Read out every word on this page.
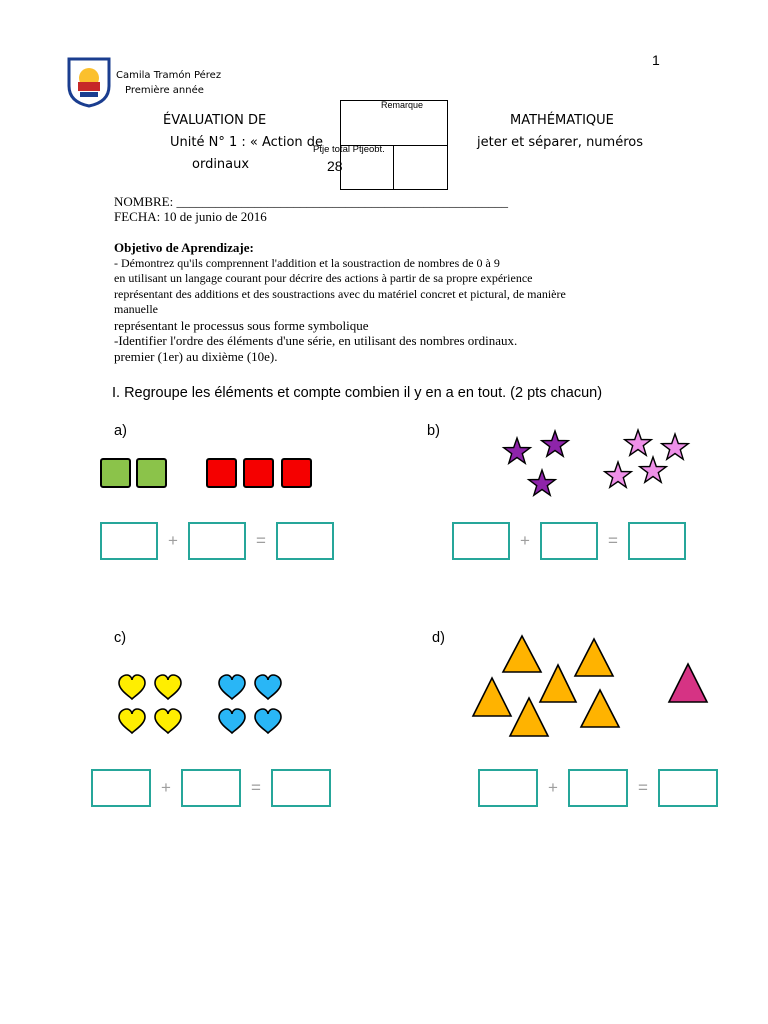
1
Camila Tramón Pérez
Première année
ÉVALUATION DE	MATHÉMATIQUE
Unité N° 1 : « Action de	jeter et séparer, numéros
ordinaux
Remarque
Ptje total Ptjeobt.
28
NOMBRE: ___________________________________________________
FECHA: 10 de junio de 2016
Objetivo de Aprendizaje:
- Démontrez qu'ils comprennent l'addition et la soustraction de nombres de 0 à 9
en utilisant un langage courant pour décrire des actions à partir de sa propre expérience
représentant des additions et des soustractions avec du matériel concret et pictural, de manière manuelle
représentant le processus sous forme symbolique
-Identifier l'ordre des éléments d'une série, en utilisant des nombres ordinaux.
premier (1er) au dixième (10e).
I. Regroupe les éléments et compte combien il y en a en tout. (2 pts chacun)
a)
+	=
b)
+	=
c)
+	=
d)
+	=
